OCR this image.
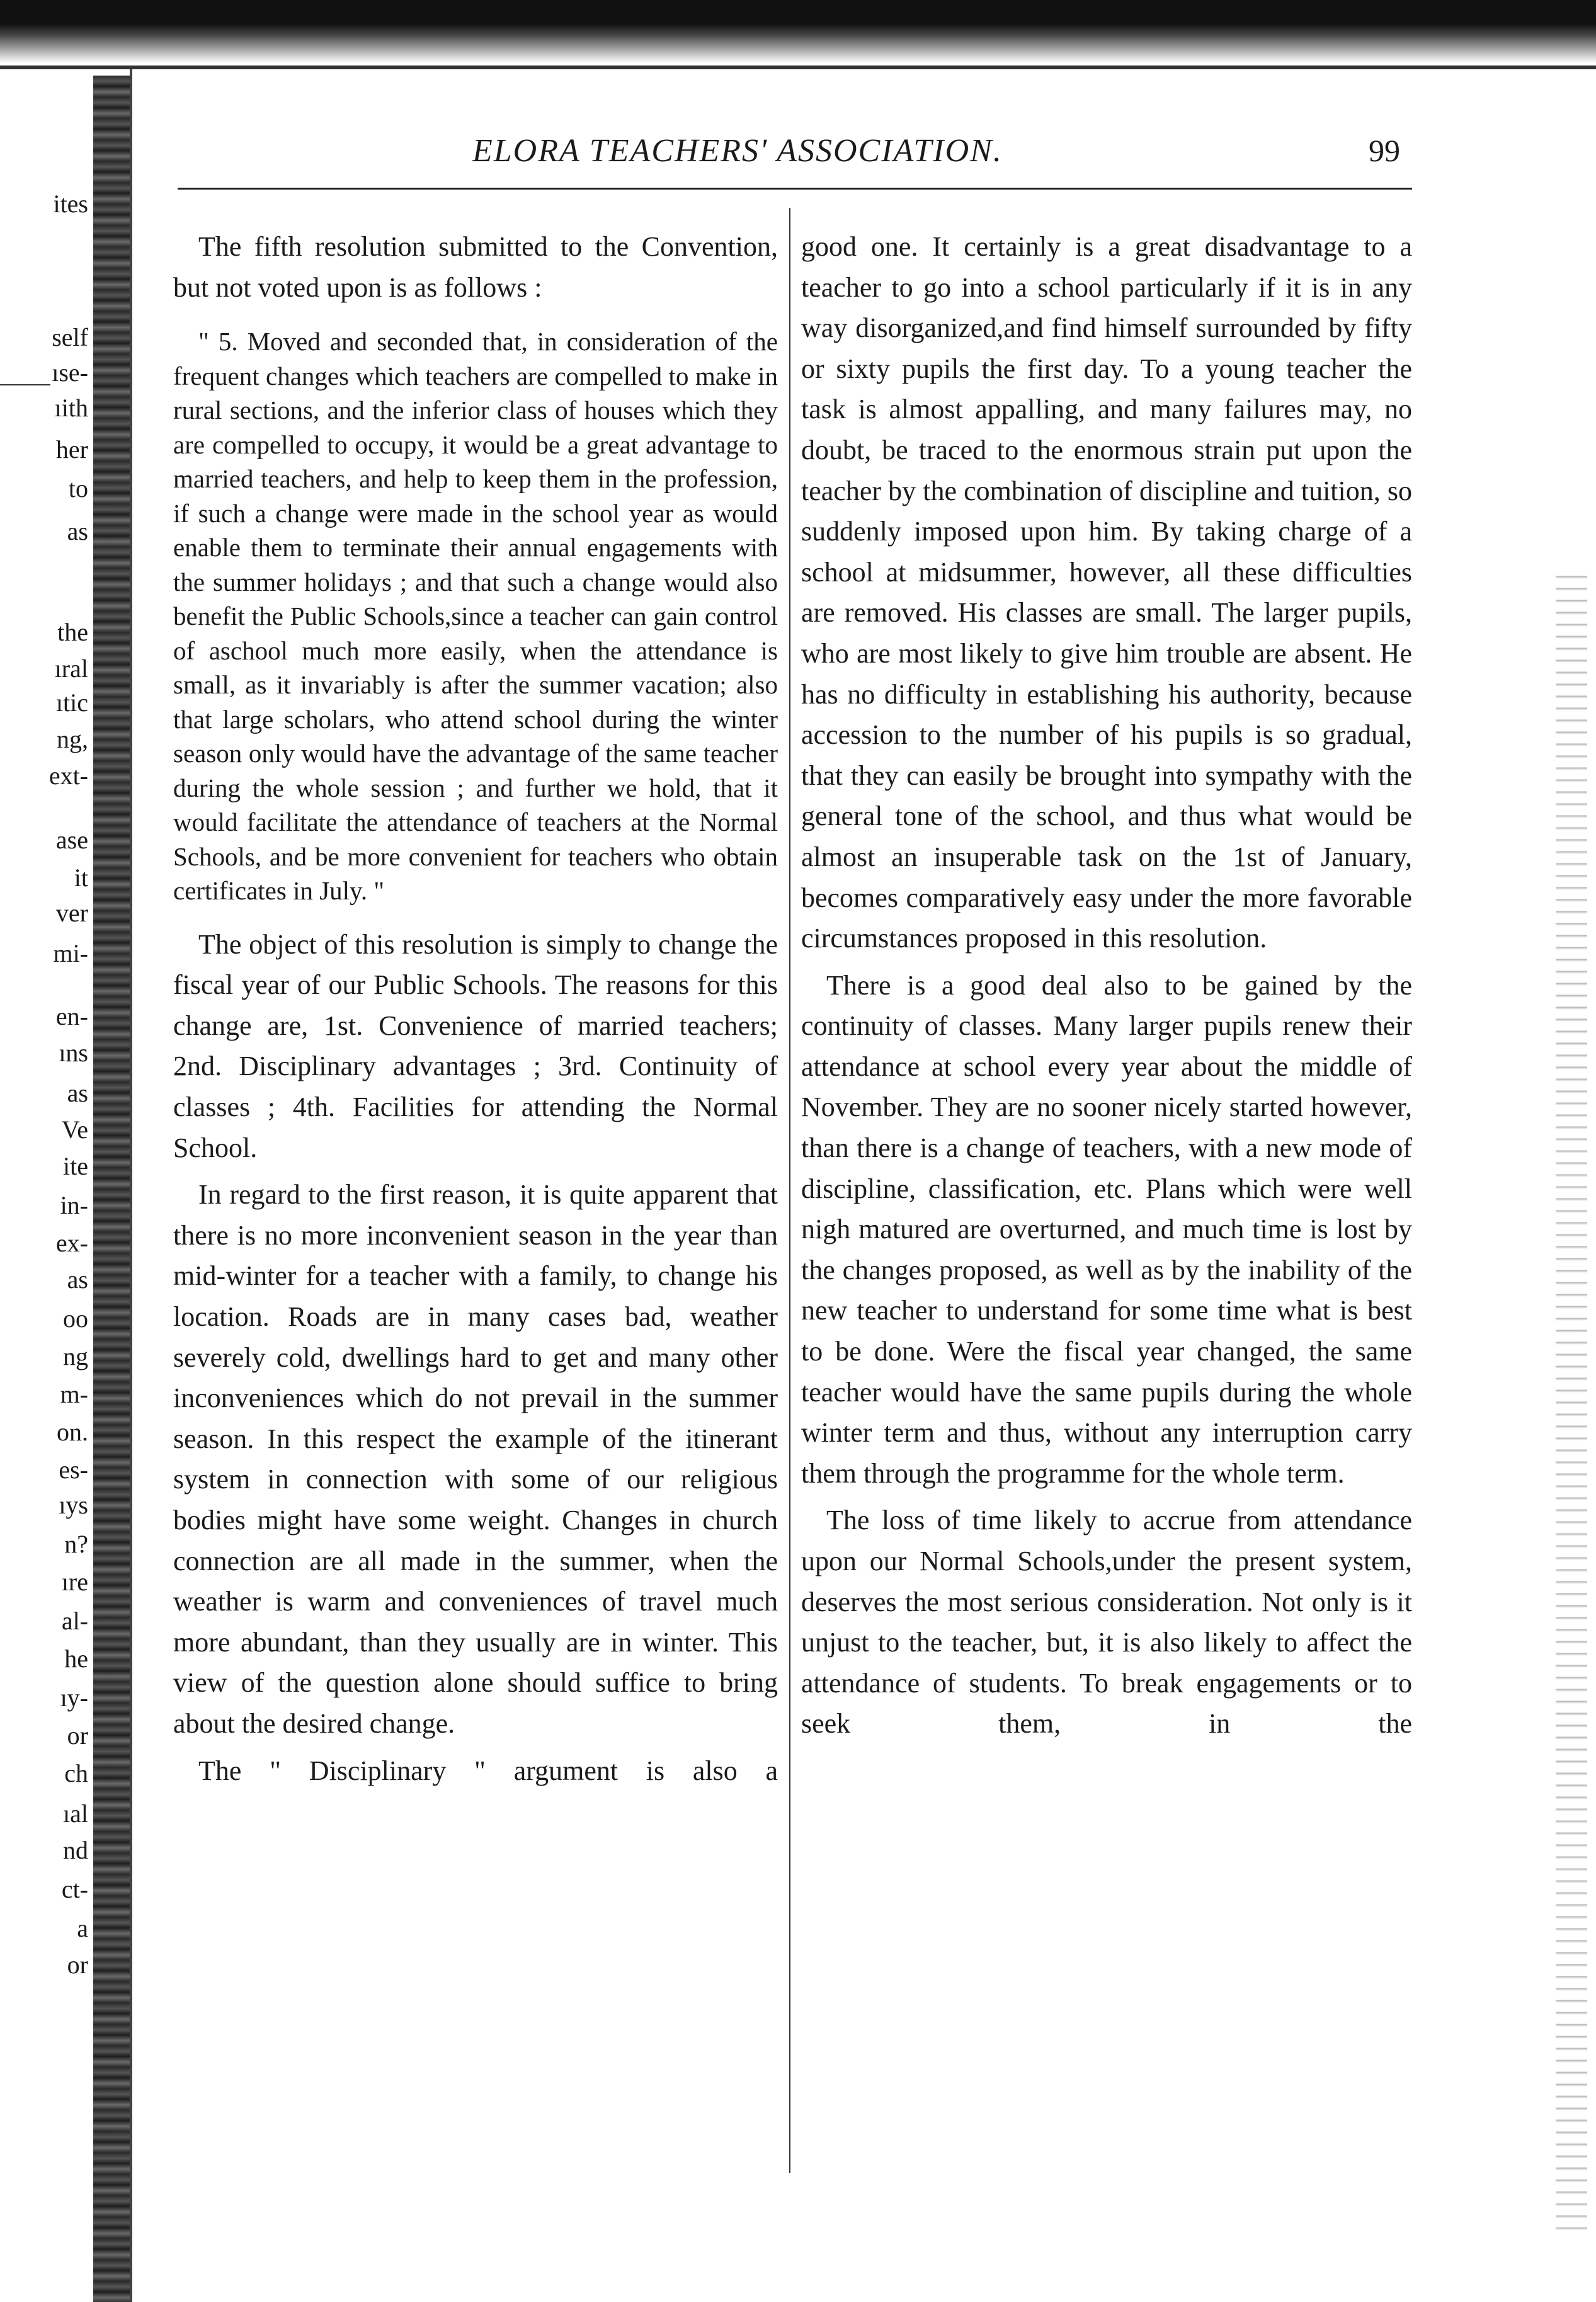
ites
self
ıse-
ıith
her
to
as
the
ıral
ıtic
ng,
ext-
ase
it
ver
mi-
en-
ıns
as
Ve
ite
in-
ex-
as
oo
ng
m-
on.
es-
ıys
n?
ıre
al-
he
ıy-
or
ch
ıal
nd
ct-
a
or
ELORA TEACHERS' ASSOCIATION.	99

The fifth resolution submitted to the Convention, but not voted upon is as follows :

" 5. Moved and seconded that, in consideration of the frequent changes which teachers are compelled to make in rural sections, and the inferior class of houses which they are compelled to occupy, it would be a great advantage to married teachers, and help to keep them in the profession, if such a change were made in the school year as would enable them to terminate their annual engagements with the summer holidays ; and that such a change would also benefit the Public Schools,since a teacher can gain control of aschool much more easily, when the attendance is small, as it invariably is after the summer vacation; also that large scholars, who attend school during the winter season only would have the advantage of the same teacher during the whole session ; and further we hold, that it would facilitate the attendance of teachers at the Normal Schools, and be more convenient for teachers who obtain certificates in July. "

The object of this resolution is simply to change the fiscal year of our Public Schools. The reasons for this change are, 1st. Convenience of married teachers; 2nd. Disciplinary advantages ; 3rd. Continuity of classes ; 4th. Facilities for attending the Normal School.

In regard to the first reason, it is quite apparent that there is no more inconvenient season in the year than mid-winter for a teacher with a family, to change his location. Roads are in many cases bad, weather severely cold, dwellings hard to get and many other inconveniences which do not prevail in the summer season. In this respect the example of the itinerant system in connection with some of our religious bodies might have some weight. Changes in church connection are all made in the summer, when the weather is warm and conveniences of travel much more abundant, than they usually are in winter. This view of the question alone should suffice to bring about the desired change.

The " Disciplinary " argument is also a

good one. It certainly is a great disadvantage to a teacher to go into a school particularly if it is in any way disorganized,and find himself surrounded by fifty or sixty pupils the first day. To a young teacher the task is almost appalling, and many failures may, no doubt, be traced to the enormous strain put upon the teacher by the combination of discipline and tuition, so suddenly imposed upon him. By taking charge of a school at midsummer, however, all these difficulties are removed. His classes are small. The larger pupils, who are most likely to give him trouble are absent. He has no difficulty in establishing his authority, because accession to the number of his pupils is so gradual, that they can easily be brought into sympathy with the general tone of the school, and thus what would be almost an insuperable task on the 1st of January, becomes comparatively easy under the more favorable circumstances proposed in this resolution.

There is a good deal also to be gained by the continuity of classes. Many larger pupils renew their attendance at school every year about the middle of November. They are no sooner nicely started however, than there is a change of teachers, with a new mode of discipline, classification, etc. Plans which were well nigh matured are overturned, and much time is lost by the changes proposed, as well as by the inability of the new teacher to understand for some time what is best to be done. Were the fiscal year changed, the same teacher would have the same pupils during the whole winter term and thus, without any interruption carry them through the programme for the whole term.

The loss of time likely to accrue from attendance upon our Normal Schools,under the present system, deserves the most serious consideration. Not only is it unjust to the teacher, but, it is also likely to affect the attendance of students. To break engagements or to seek them, in the
